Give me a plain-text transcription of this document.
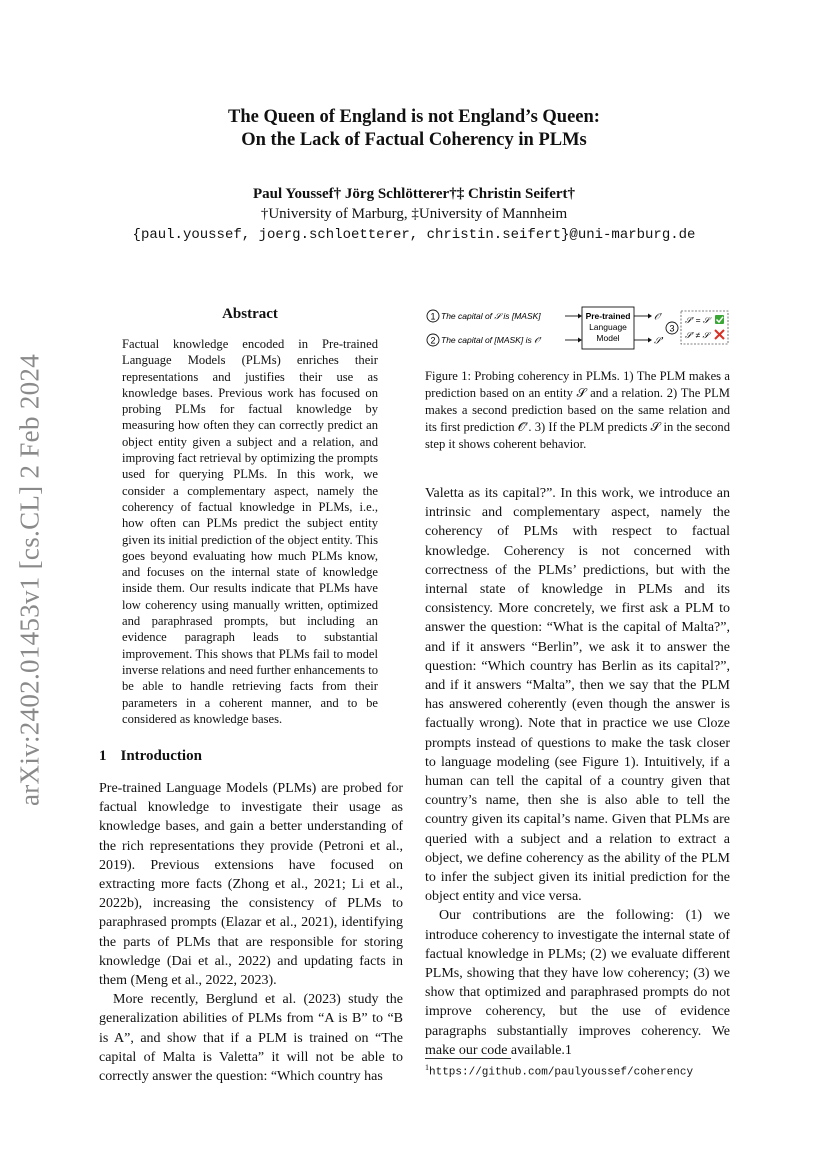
arXiv:2402.01453v1 [cs.CL] 2 Feb 2024
The Queen of England is not England’s Queen:
On the Lack of Factual Coherency in PLMs
Paul Youssef† Jörg Schlötterer†‡ Christin Seifert†
†University of Marburg, ‡University of Mannheim
{paul.youssef, joerg.schloetterer, christin.seifert}@uni-marburg.de
Abstract
Factual knowledge encoded in Pre-trained Language Models (PLMs) enriches their representations and justifies their use as knowledge bases. Previous work has focused on probing PLMs for factual knowledge by measuring how often they can correctly predict an object entity given a subject and a relation, and improving fact retrieval by optimizing the prompts used for querying PLMs. In this work, we consider a complementary aspect, namely the coherency of factual knowledge in PLMs, i.e., how often can PLMs predict the subject entity given its initial prediction of the object entity. This goes beyond evaluating how much PLMs know, and focuses on the internal state of knowledge inside them. Our results indicate that PLMs have low coherency using manually written, optimized and paraphrased prompts, but including an evidence paragraph leads to substantial improvement. This shows that PLMs fail to model inverse relations and need further enhancements to be able to handle retrieving facts from their parameters in a coherent manner, and to be considered as knowledge bases.
1 Introduction

Pre-trained Language Models (PLMs) are probed for factual knowledge to investigate their usage as knowledge bases, and gain a better understanding of the rich representations they provide (Petroni et al., 2019). Previous extensions have focused on extracting more facts (Zhong et al., 2021; Li et al., 2022b), increasing the consistency of PLMs to paraphrased prompts (Elazar et al., 2021), identifying the parts of PLMs that are responsible for storing knowledge (Dai et al., 2022) and updating facts in them (Meng et al., 2022, 2023).

More recently, Berglund et al. (2023) study the generalization abilities of PLMs from “A is B” to “B is A”, and show that if a PLM is trained on “The capital of Malta is Valetta” it will not be able to correctly answer the question: “Which country has

1 The capital of 𝒮 is [MASK]
2 The capital of [MASK] is 𝒪′
Pre-trained
Language
Model
𝒪′
𝒮′
3
𝒮′ = 𝒮
𝒮′ ≠ 𝒮
Figure 1: Probing coherency in PLMs. 1) The PLM makes a prediction based on an entity 𝒮 and a relation. 2) The PLM makes a second prediction based on the same relation and its first prediction 𝒪′. 3) If the PLM predicts 𝒮 in the second step it shows coherent behavior.

Valetta as its capital?”. In this work, we introduce an intrinsic and complementary aspect, namely the coherency of PLMs with respect to factual knowledge. Coherency is not concerned with correctness of the PLMs’ predictions, but with the internal state of knowledge in PLMs and its consistency. More concretely, we first ask a PLM to answer the question: “What is the capital of Malta?”, and if it answers “Berlin”, we ask it to answer the question: “Which country has Berlin as its capital?”, and if it answers “Malta”, then we say that the PLM has answered coherently (even though the answer is factually wrong). Note that in practice we use Cloze prompts instead of questions to make the task closer to language modeling (see Figure 1). Intuitively, if a human can tell the capital of a country given that country’s name, then she is also able to tell the country given its capital’s name. Given that PLMs are queried with a subject and a relation to extract a object, we define coherency as the ability of the PLM to infer the subject given its initial prediction for the object entity and vice versa.

Our contributions are the following: (1) we introduce coherency to investigate the internal state of factual knowledge in PLMs; (2) we evaluate different PLMs, showing that they have low coherency; (3) we show that optimized and paraphrased prompts do not improve coherency, but the use of evidence paragraphs substantially improves coherency. We make our code available.1

$^1$https://github.com/paulyoussef/coherency
